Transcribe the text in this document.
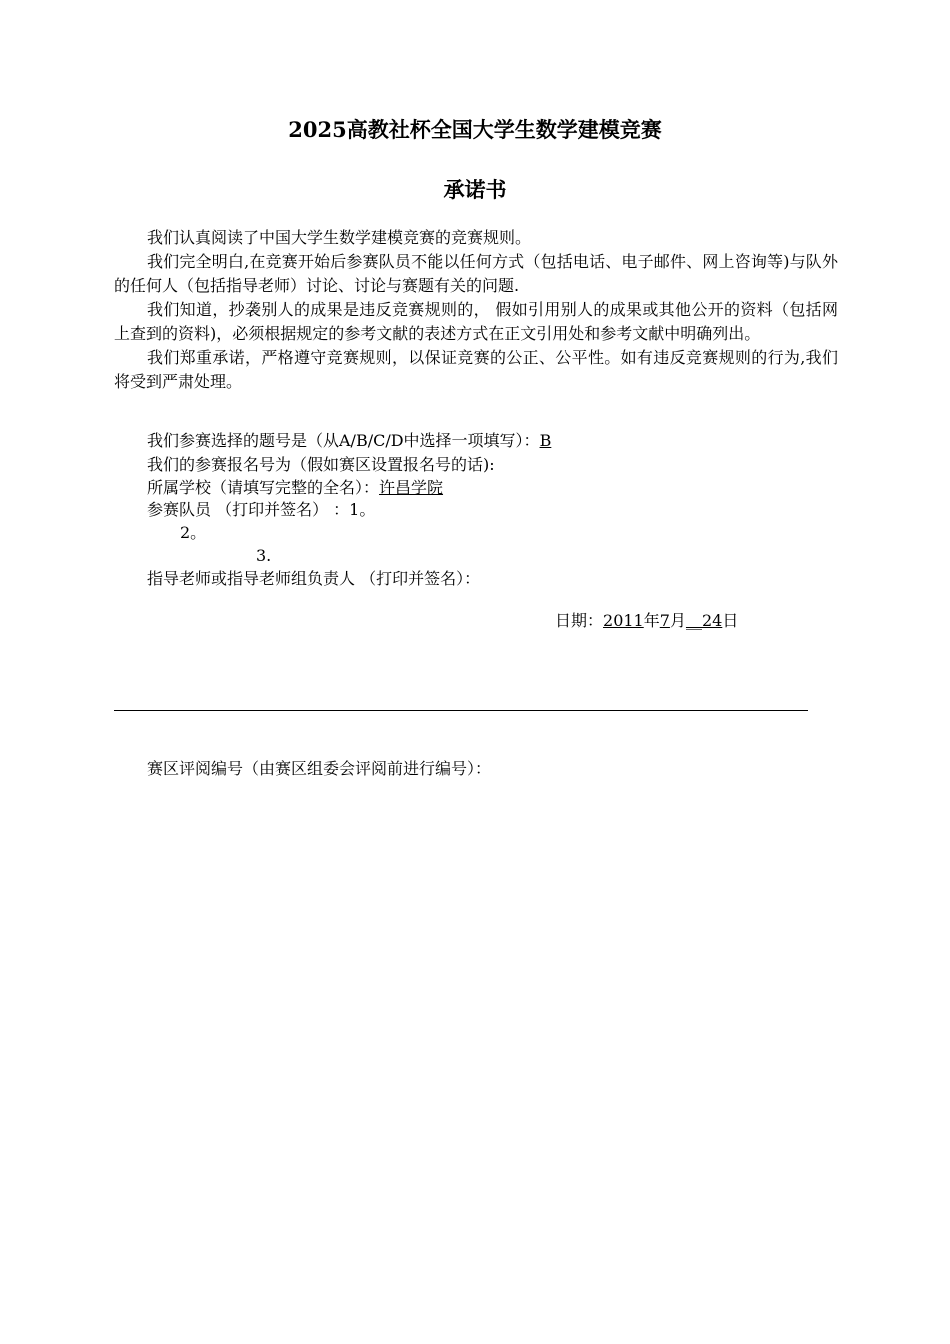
2025高教社杯全国大学生数学建模竞赛
承诺书

我们认真阅读了中国大学生数学建模竞赛的竞赛规则。

我们完全明白,在竞赛开始后参赛队员不能以任何方式（包括电话、电子邮件、网上咨询等)与队外的任何人（包括指导老师）讨论、讨论与赛题有关的问题.

我们知道，抄袭别人的成果是违反竞赛规则的， 假如引用别人的成果或其他公开的资料（包括网上查到的资料)，必须根据规定的参考文献的表述方式在正文引用处和参考文献中明确列出。

我们郑重承诺，严格遵守竞赛规则，以保证竞赛的公正、公平性。如有违反竞赛规则的行为,我们将受到严肃处理。

我们参赛选择的题号是（从A/B/C/D中选择一项填写）：B
我们的参赛报名号为（假如赛区设置报名号的话):
所属学校（请填写完整的全名）：许昌学院
参赛队员 （打印并签名） ：1。
2。
3.
指导老师或指导老师组负责人 （打印并签名）：
日期：2011年7月__24日
赛区评阅编号（由赛区组委会评阅前进行编号）：
